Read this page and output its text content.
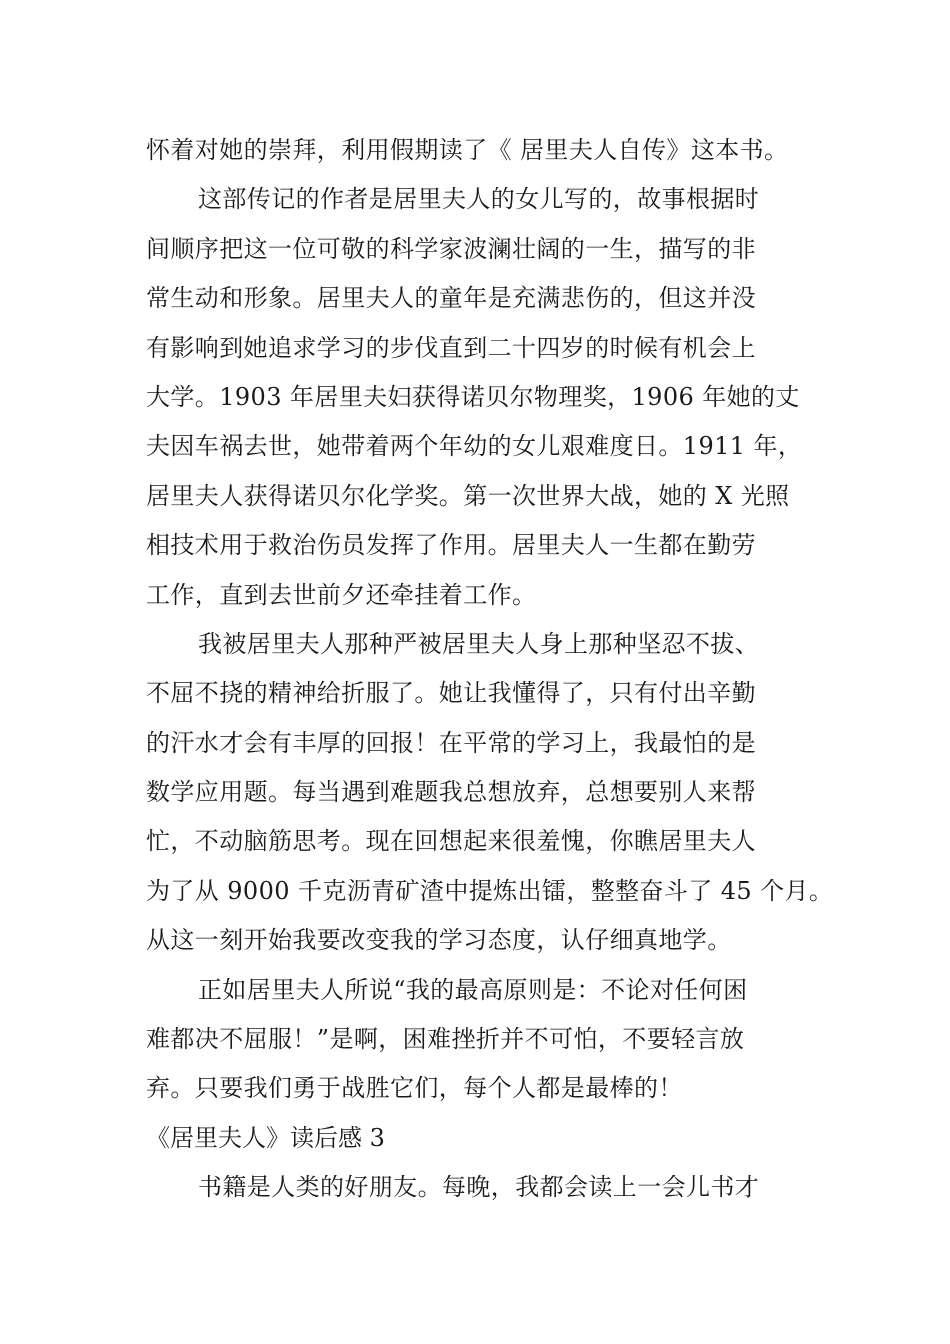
怀着对她的崇拜，利用假期读了《 居里夫人自传》这本书。
这部传记的作者是居里夫人的女儿写的，故事根据时
间顺序把这一位可敬的科学家波澜壮阔的一生，描写的非
常生动和形象。居里夫人的童年是充满悲伤的，但这并没
有影响到她追求学习的步伐直到二十四岁的时候有机会上
大学。1903 年居里夫妇获得诺贝尔物理奖，1906 年她的丈
夫因车祸去世，她带着两个年幼的女儿艰难度日。1911 年，
居里夫人获得诺贝尔化学奖。第一次世界大战，她的 X 光照
相技术用于救治伤员发挥了作用。居里夫人一生都在勤劳
工作，直到去世前夕还牵挂着工作。
我被居里夫人那种严被居里夫人身上那种坚忍不拔、
不屈不挠的精神给折服了。她让我懂得了，只有付出辛勤
的汗水才会有丰厚的回报！在平常的学习上，我最怕的是
数学应用题。每当遇到难题我总想放弃，总想要别人来帮
忙，不动脑筋思考。现在回想起来很羞愧，你瞧居里夫人
为了从 9000 千克沥青矿渣中提炼出镭，整整奋斗了 45 个月。
从这一刻开始我要改变我的学习态度，认仔细真地学。
正如居里夫人所说“我的最高原则是：不论对任何困
难都决不屈服！”是啊，困难挫折并不可怕，不要轻言放
弃。只要我们勇于战胜它们，每个人都是最棒的！
《居里夫人》读后感 3
书籍是人类的好朋友。每晚，我都会读上一会儿书才
